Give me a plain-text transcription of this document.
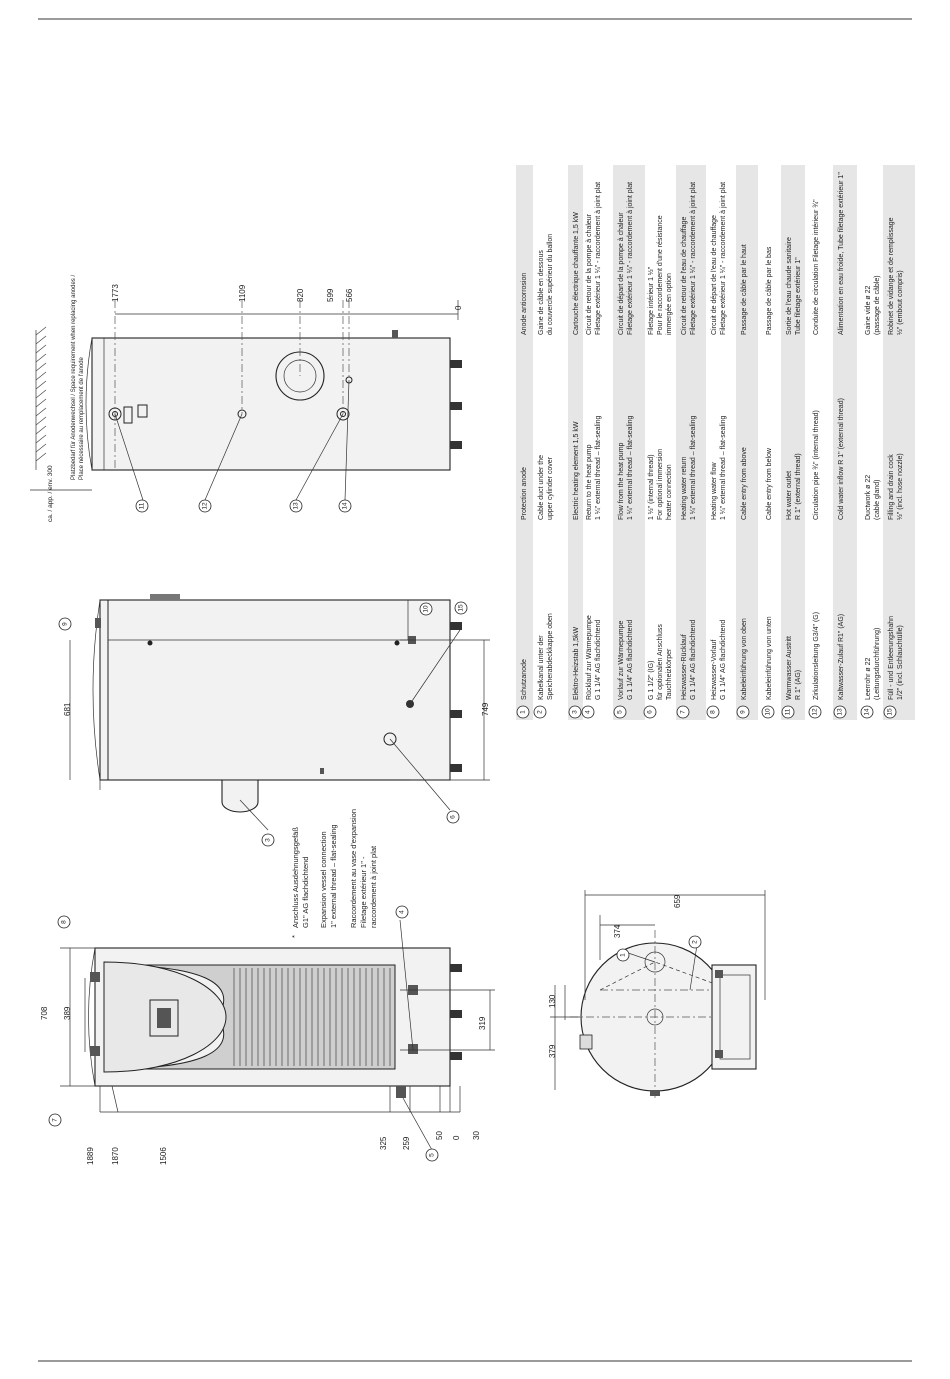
1
Schutzanode
Protection anode
Anode anticorrosion
2
Kabelkanal unter der Speicherabdeckkappe oben
Cable duct under the upper cylinder cover
Gaine de câble en dessous du couvercle supérieur du ballon
3
Elektro-Heizstab 1,5kW
Electric heating element 1,5 kW
Cartouche électrique chauffante 1,5 kW
4
Rücklauf zur Wärmepumpe G 1 1/4" AG flachdichtend
Return to the heat pump 1 ¼" external thread – flat-sealing
Circuit de retour de la pompe à chaleur Filetage extérieur 1 ¼" - raccordement à joint plat
5
Vorlauf zur Wärmepumpe G 1 1/4" AG flachdichtend
Flow from the heat pump 1 ¼" external thread – flat-sealing
Circuit de départ de la pompe à chaleur Filetage extérieur 1 ¼" - raccordement à joint plat
6
G 1 1/2" (IG) für optionalen Anschluss Tauchheizkörper
1 ½" (internal thread) For optional immersion heater connection
Filetage intérieur 1 ½" Pour le raccordement d'une résistance immergée en option
7
Heizwasser-Rücklauf G 1 1/4" AG flachdichtend
Heating water return 1 ¼" external thread – flat-sealing
Circuit de retour de l'eau de chauffage Filetage extérieur 1 ¼" - raccordement à joint plat
8
Heizwasser-Vorlauf G 1 1/4" AG flachdichtend
Heating water flow 1 ¼" external thread – flat-sealing
Circuit de départ de l'eau de chauffage Filetage extérieur 1 ¼" - raccordement à joint plat
9
Kabeleinführung von oben
Cable entry from above
Passage de câble par le haut
10
Kabeleinführung von unten
Cable entry from below
Passage de câble par le bas
11
Warmwasser Austritt R 1" (AG)
Hot water outlet R 1" (external thread)
Sortie de l'eau chaude sanitaire Tube filetage extérieur 1"
12
Zirkulationsleitung G3/4" (G)
Circulation pipe ¾" (internal thread)
Conduite de circulation Filetage intérieur ¾"
13
Kaltwasser-Zulauf R1" (AG)
Cold water inflow R 1" (external thread)
Alimentation en eau froide, Tube filetage extérieur 1"
14
Leerrohr ø 22 (Leitungsdurchführung)
Ductwork ø 22 (cable gland)
Gaine vide ø 22 (passage de câble)
15
Füll - und Entleerungshahn 1/2" (incl. Schlauchtülle)
Filling and drain cock ½" (incl. hose nozzle)
Robinet de vidange et de remplissage ½" (embout compris)
*
Anschluss Ausdehnungsgefäß G1" AG flachdichtend Expansion vessel connection 1" external thread – flat-sealing Raccordement au vase d'expansion Filetage extérieur 1" - raccordement à joint plat
1889 1870	1506
325 259
50 0 30
708 389
319
7
8
4
5
681	749
9
10	15
3
6
1773	1109	820	599 566
0
Platzbedarf für Anodenwechsel / Space requirement when replacing anodes / Place nécessaire au remplacement de l'anode
ca. / app. / env. 300	11	12	13	14
130
379
374
659
1
2
